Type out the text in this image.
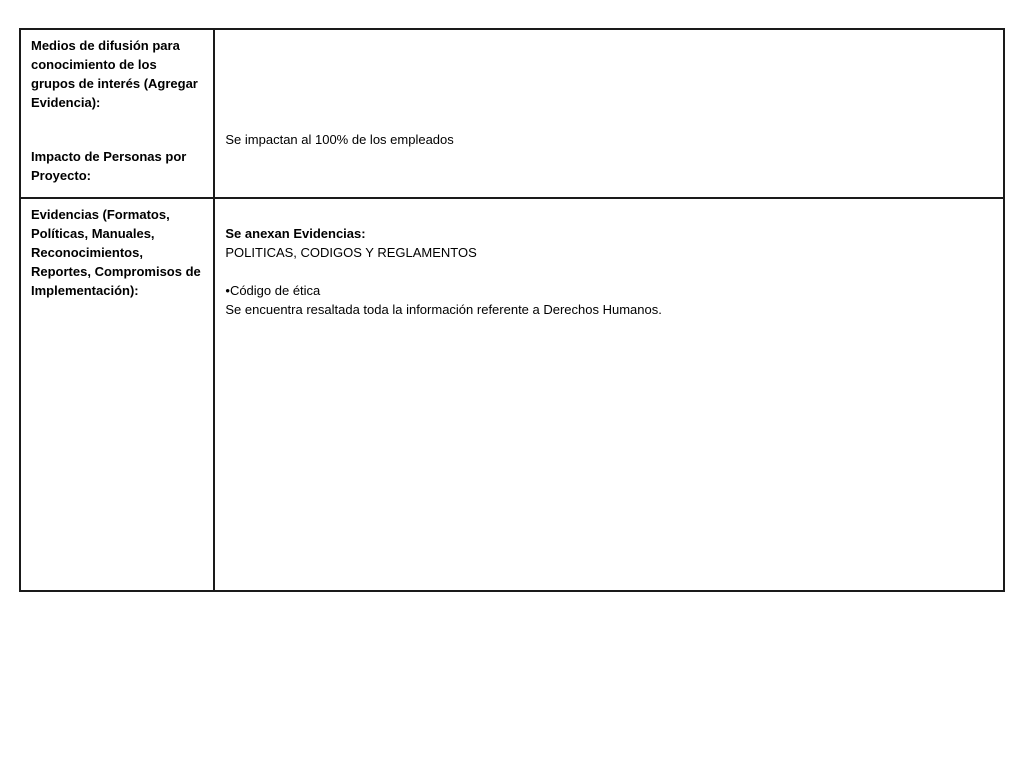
Medios de difusión para conocimiento de los grupos de interés (Agregar Evidencia):
Impacto de Personas por Proyecto:	Se impactan al 100% de los empleados

Evidencias (Formatos, Políticas, Manuales, Reconocimientos, Reportes, Compromisos de Implementación):	Se anexan Evidencias:
POLITICAS, CODIGOS Y REGLAMENTOS
•Código de ética
Se encuentra resaltada toda la información referente a Derechos Humanos.
